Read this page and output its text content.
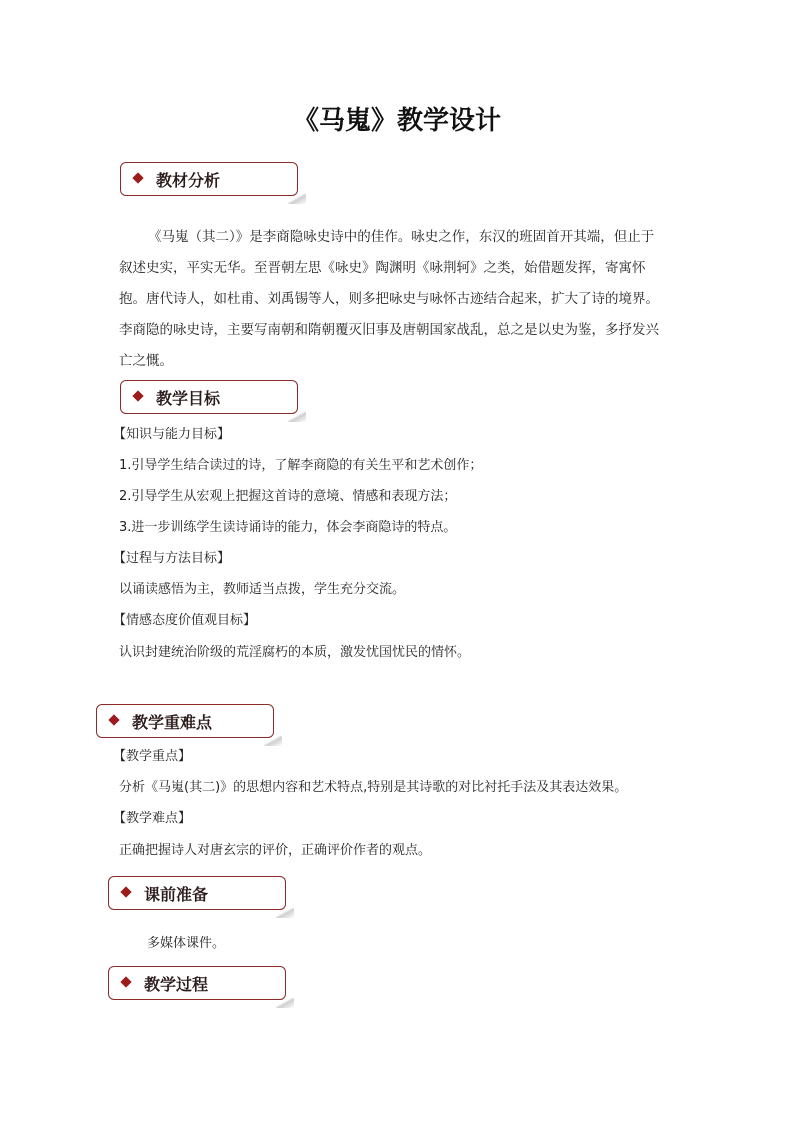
《马嵬》教学设计
教材分析
《马嵬（其二）》是李商隐咏史诗中的佳作。咏史之作，东汉的班固首开其端，但止于
叙述史实，平实无华。至晋朝左思《咏史》陶渊明《咏荆轲》之类，始借题发挥，寄寓怀
抱。唐代诗人，如杜甫、刘禹锡等人，则多把咏史与咏怀古迹结合起来，扩大了诗的境界。
李商隐的咏史诗，主要写南朝和隋朝覆灭旧事及唐朝国家战乱，总之是以史为鉴，多抒发兴
亡之慨。
教学目标
【知识与能力目标】
1.引导学生结合读过的诗，了解李商隐的有关生平和艺术创作；
2.引导学生从宏观上把握这首诗的意境、情感和表现方法；
3.进一步训练学生读诗诵诗的能力，体会李商隐诗的特点。
【过程与方法目标】
以诵读感悟为主，教师适当点拨，学生充分交流。
【情感态度价值观目标】
认识封建统治阶级的荒淫腐朽的本质，激发忧国忧民的情怀。
教学重难点
【教学重点】
分析《马嵬(其二)》的思想内容和艺术特点,特别是其诗歌的对比衬托手法及其表达效果。
【教学难点】
正确把握诗人对唐玄宗的评价，正确评价作者的观点。
课前准备
多媒体课件。
教学过程
